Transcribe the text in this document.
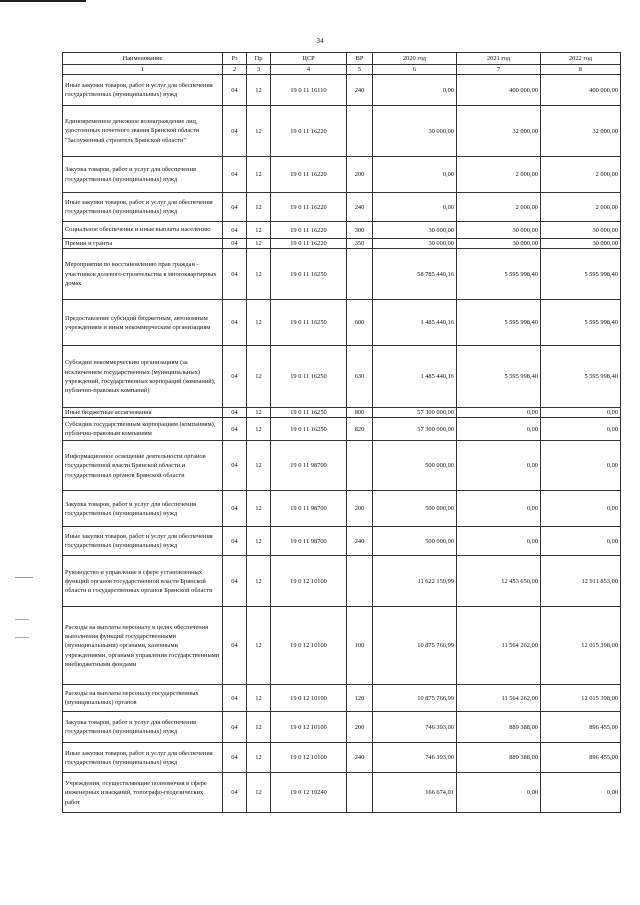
34
Наименование	Рз	Пр	ЦСР	ВР	2020 год	2021 год	2022 год
1	2	3	4	5	6	7	8
Иные закупки товаров, работ и услуг для обеспечения государственных (муниципальных) нужд	04	12	19 0 11 16110	240	0,00	400 000,00	400 000,00
Единовременное денежное вознаграждение лиц, удостоенных почетного звания Брянской области "Заслуженный строитель Брянской области"	04	12	19 0 11 16220		30 000,00	32 000,00	32 000,00
Закупка товаров, работ и услуг для обеспечения государственных (муниципальных) нужд	04	12	19 0 11 16220	200	0,00	2 000,00	2 000,00
Иные закупки товаров, работ и услуг для обеспечения государственных (муниципальных) нужд	04	12	19 0 11 16220	240	0,00	2 000,00	2 000,00
Социальное обеспечение и иные выплаты населению	04	12	19 0 11 16220	300	30 000,00	30 000,00	30 000,00
Премии и гранты	04	12	19 0 11 16220	350	30 000,00	30 000,00	30 000,00
Мероприятия по восстановлению прав граждан - участников долевого строительства в многоквартирных домах	04	12	19 0 11 16250		58 785 440,16	5 595 998,40	5 595 998,40
Предоставление субсидий бюджетным, автономным учреждениям и иным некоммерческим организациям	04	12	19 0 11 16250	600	1 485 440,16	5 595 998,40	5 595 998,40
Субсидии некоммерческим организациям (за исключением государственных (муниципальных) учреждений, государственных корпораций (компаний), публично-правовых компаний)	04	12	19 0 11 16250	630	1 485 440,16	5 595 998,40	5 595 998,40
Иные бюджетные ассигнования	04	12	19 0 11 16250	800	57 300 000,00	0,00	0,00
Субсидии государственным корпорациям (компаниям), публично-правовым компаниям	04	12	19 0 11 16250	820	57 300 000,00	0,00	0,00
Информационное освещение деятельности органов государственной власти Брянской области и государственных органов Брянской области	04	12	19 0 11 98700		500 000,00	0,00	0,00
Закупка товаров, работ и услуг для обеспечения государственных (муниципальных) нужд	04	12	19 0 11 98700	200	500 000,00	0,00	0,00
Иные закупки товаров, работ и услуг для обеспечения государственных (муниципальных) нужд	04	12	19 0 11 98700	240	500 000,00	0,00	0,00
Руководство и управление в сфере установленных функций органов государственной власти Брянской области и государственных органов Брянской области	04	12	19 0 12 10100		11 622 159,99	12 453 650,00	12 911 853,00
Расходы на выплаты персоналу в целях обеспечения выполнения функций государственными (муниципальными) органами, казенными учреждениями, органами управления государственными внебюджетными фондами	04	12	19 0 12 10100	100	10 875 766,99	11 564 262,00	12 015 398,00
Расходы на выплаты персоналу государственных (муниципальных) органов	04	12	19 0 12 10100	120	10 875 766,99	11 564 262,00	12 015 398,00
Закупка товаров, работ и услуг для обеспечения государственных (муниципальных) нужд	04	12	19 0 12 10100	200	746 393,00	889 388,00	896 455,00
Иные закупки товаров, работ и услуг для обеспечения государственных (муниципальных) нужд	04	12	19 0 12 10100	240	746 393,00	889 388,00	896 455,00
Учреждения, осуществляющие полномочия в сфере инженерных изысканий, топографо-геодезических работ	04	12	19 0 12 10240		166 674,01	0,00	0,00
